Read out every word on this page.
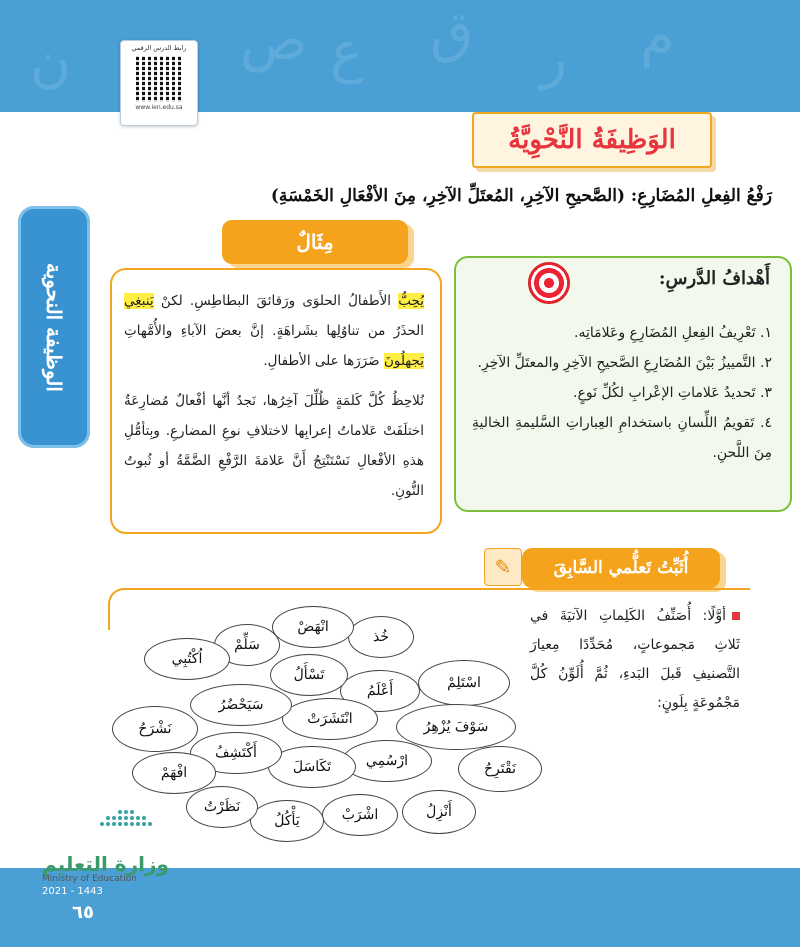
ص ع ق ر م
ن	رابط الدرس الرقمي
www.ien.edu.sa
الوَظِيفَةُ النَّحْوِيَّةُ
رَفْعُ الفِعلِ المُضَارِعِ: (الصَّحيحِ الآخِرِ، المُعتَلِّ الآخِرِ، مِنَ الأفْعَالِ الخَمْسَةِ)
الوظيفة النحوية
مِثَالٌ
يُحِبُّ الأَطفالُ الحلوَى ورَقائقَ البطاطِسِ. لكنْ يَنبغِي الحذَرُ من تناوُلِها بشَراهَةٍ. إنَّ بعضَ الآباءِ والأُمَّهاتِ يَجهلُونَ ضَرَرَها على الأطفالِ.
نُلاحِظُ كُلَّ كَلمَةٍ ظُلِّلَ آخِرُها، نَجدُ أنَّها أفْعالٌ مُضارِعَةٌ اختلَفَتْ عَلاماتُ إعرابِها لاختلافِ نوعِ المضارعِ. وبِتأمُّلِ هذهِ الأفْعالِ نَسْتَنْتِجُ أَنَّ عَلامَةَ الرَّفْعِ الضَّمَّةُ أو ثُبوتُ النُّونِ.
أَهْدافُ الدَّرسِ:
١. تَعْرِيفُ الفِعلِ المُضَارِعِ وعَلامَاتِه.
٢. التَّمييزُ بَيْنَ المُضَارِعِ الصَّحيحِ الآخِرِ والمعتَلِّ الآخِرِ.
٣. تَحديدُ عَلاماتِ الإعْرابِ لكُلِّ نَوعٍ.
٤. تَقويمُ اللِّسانِ باستخدامِ العِباراتِ السَّليمةِ الخاليةِ مِنَ اللَّحنِ.
✎ أُثَبِّتُ تَعلُّمي السَّابِقَ
أوَّلًا: أُصَنِّفُ الكَلِماتِ الآتيَةَ في ثَلاثِ مَجموعاتٍ، مُحَدِّدًا مِعيارَ التَّصنيفِ قَبلَ البَدءِ، ثُمَّ أُلَوِّنُ كُلَّ مَجْمُوعَةٍ بِلَونٍ:
خُذ
انْهَضْ
سَلِّمْ
اُكْتُبِي
اسْتَلِمْ
أَعْلَمُ
تَسْأَلُ
سَوْفَ يُزْهِرُ
انْتَشَرَتْ
سَيَحْضُرُ
نَشْرَحُ
نَقْتَرِحُ
ارْسُمِي
تَكَاسَلَ
أَكْتَشِفُ
افْهَمْ
أَنْزِلُ
اشْرَبْ
يَأْكُلُ
نَظَرْتُ
وزارة التعليم
Ministry of Education
2021 - 1443
٦٥
